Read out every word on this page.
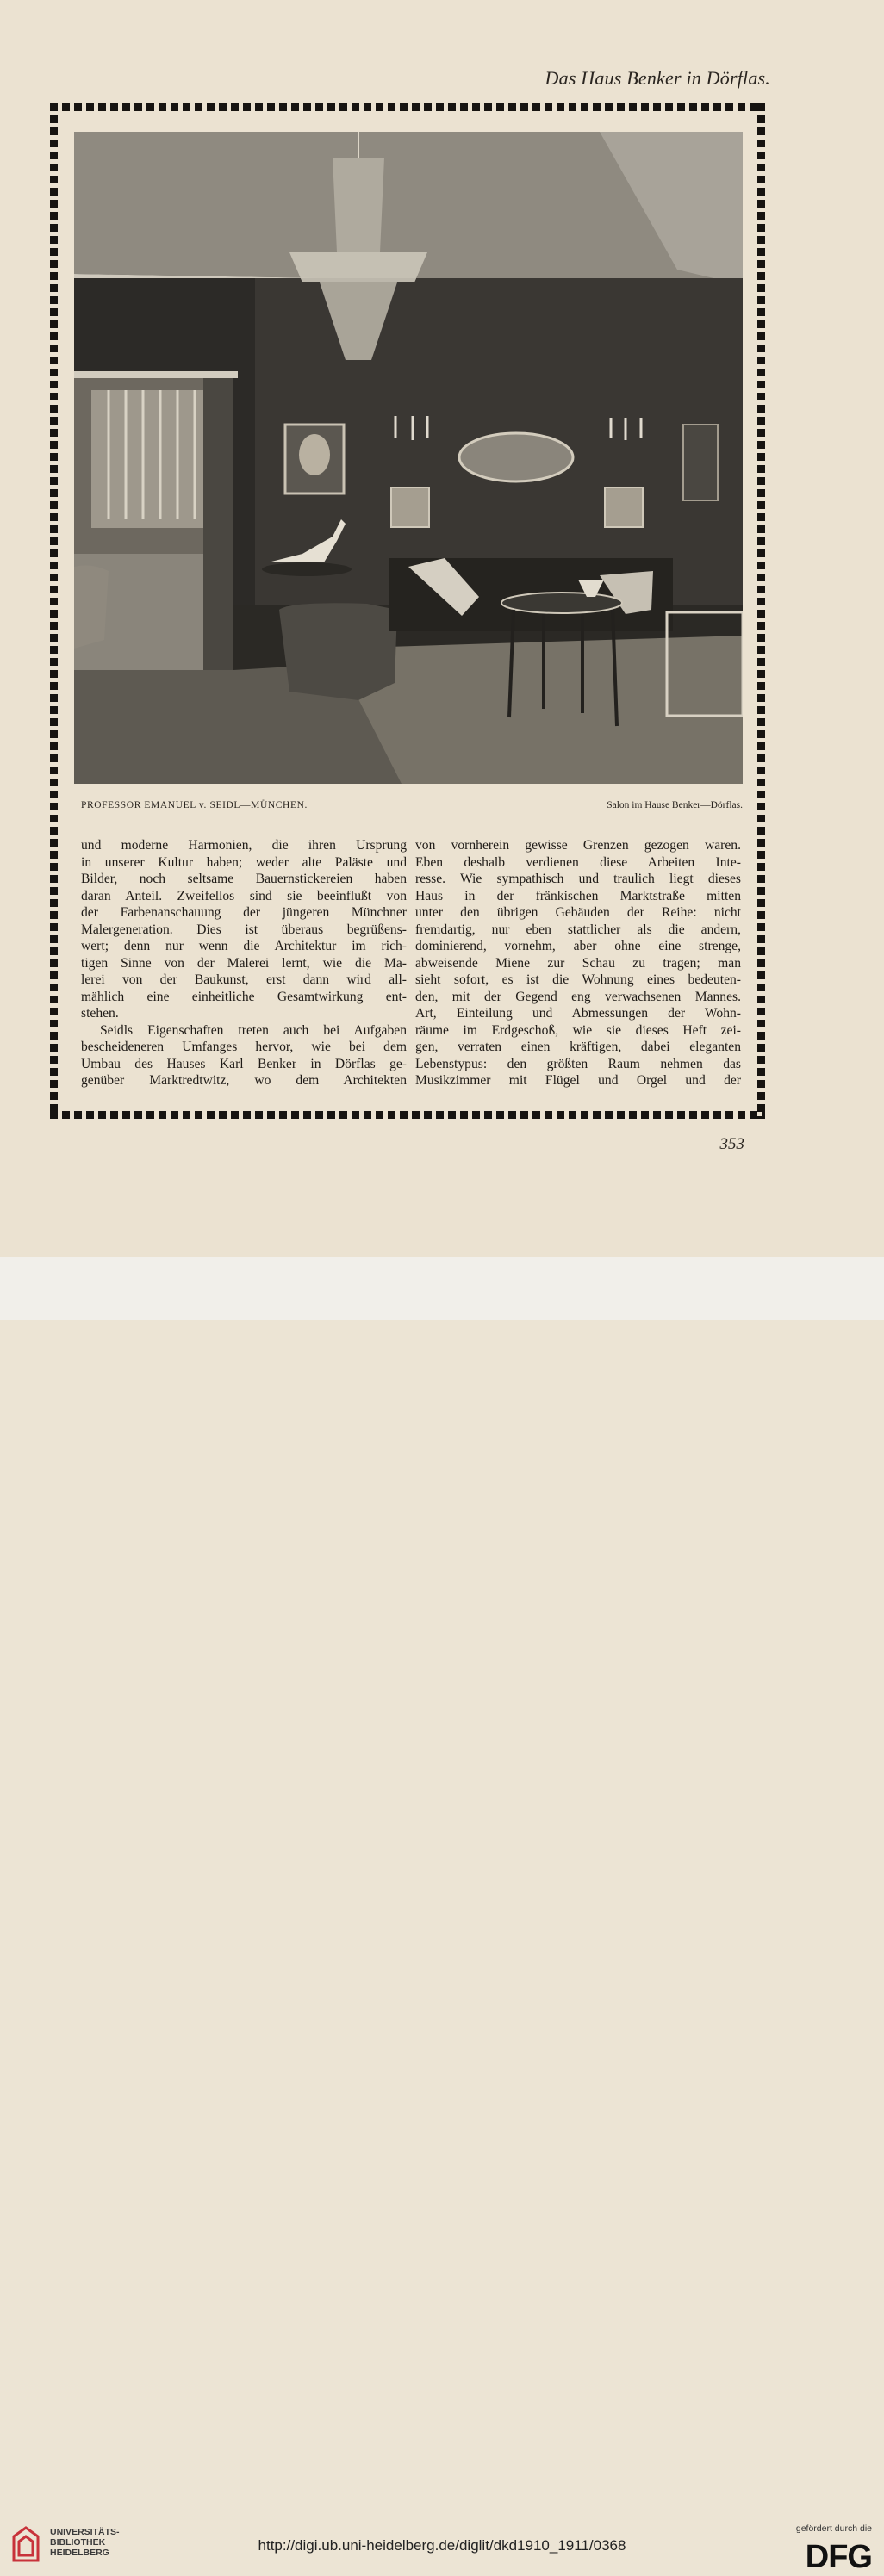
Das Haus Benker in Dörflas.
PROFESSOR EMANUEL v. SEIDL—MÜNCHEN.	Salon im Hause Benker—Dörflas.
und moderne Harmonien, die ihren Ursprung
in unserer Kultur haben; weder alte Paläste und
Bilder, noch seltsame Bauernstickereien haben
daran Anteil. Zweifellos sind sie beeinflußt von
der Farbenanschauung der jüngeren Münchner
Malergeneration. Dies ist überaus begrüßens-
wert; denn nur wenn die Architektur im rich-
tigen Sinne von der Malerei lernt, wie die Ma-
lerei von der Baukunst, erst dann wird all-
mählich eine einheitliche Gesamtwirkung ent-
stehen.
Seidls Eigenschaften treten auch bei Aufgaben
bescheideneren Umfanges hervor, wie bei dem
Umbau des Hauses Karl Benker in Dörflas ge-
genüber Marktredtwitz, wo dem Architekten
von vornherein gewisse Grenzen gezogen waren.
Eben deshalb verdienen diese Arbeiten Inte-
resse. Wie sympathisch und traulich liegt dieses
Haus in der fränkischen Marktstraße mitten
unter den übrigen Gebäuden der Reihe: nicht
fremdartig, nur eben stattlicher als die andern,
dominierend, vornehm, aber ohne eine strenge,
abweisende Miene zur Schau zu tragen; man
sieht sofort, es ist die Wohnung eines bedeuten-
den, mit der Gegend eng verwachsenen Mannes.
Art, Einteilung und Abmessungen der Wohn-
räume im Erdgeschoß, wie sie dieses Heft zei-
gen, verraten einen kräftigen, dabei eleganten
Lebenstypus: den größten Raum nehmen das
Musikzimmer mit Flügel und Orgel und der
353
UNIVERSITÄTS-
BIBLIOTHEK
HEIDELBERG	http://digi.ub.uni-heidelberg.de/diglit/dkd1910_1911/0368
gefördert durch die
DFG
